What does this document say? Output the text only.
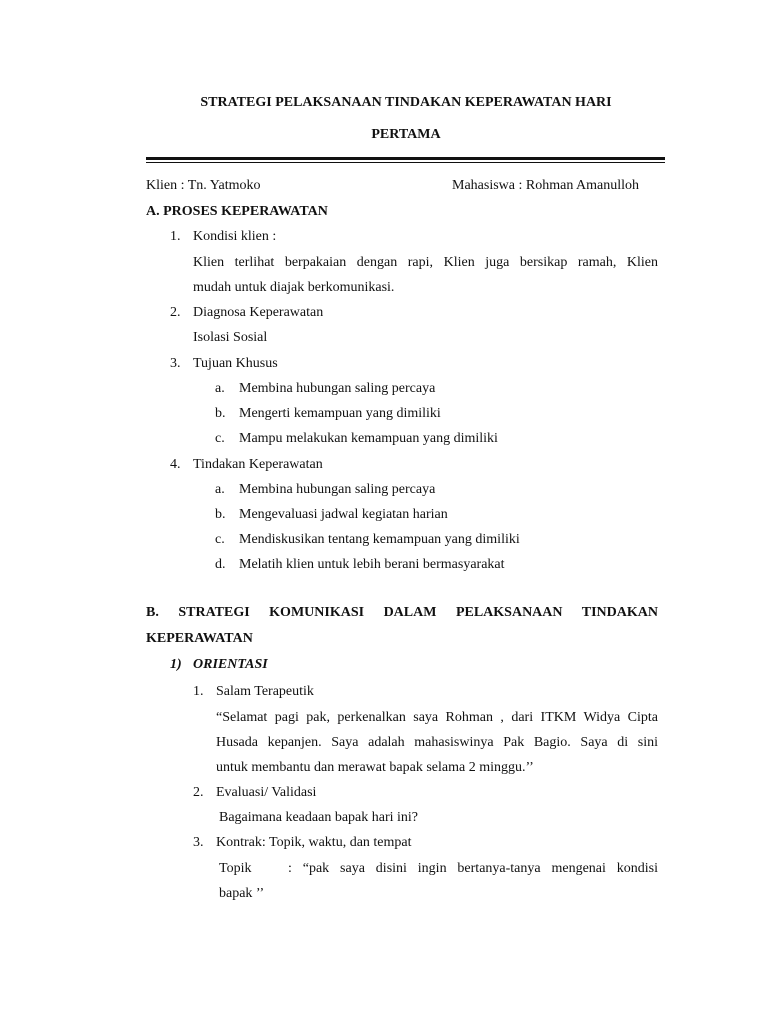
STRATEGI PELAKSANAAN TINDAKAN KEPERAWATAN HARI
PERTAMA
Klien : Tn. Yatmoko	Mahasiswa : Rohman Amanulloh
A. PROSES KEPERAWATAN
1. Kondisi klien :
Klien terlihat berpakaian dengan rapi, Klien juga bersikap ramah, Klien
mudah untuk diajak berkomunikasi.
2. Diagnosa Keperawatan
Isolasi Sosial
3. Tujuan Khusus
a. Membina hubungan saling percaya
b. Mengerti kemampuan yang dimiliki
c. Mampu melakukan kemampuan yang dimiliki
4. Tindakan Keperawatan
a. Membina hubungan saling percaya
b. Mengevaluasi jadwal kegiatan harian
c. Mendiskusikan tentang kemampuan yang dimiliki
d. Melatih klien untuk lebih berani bermasyarakat
B. STRATEGI KOMUNIKASI DALAM PELAKSANAAN TINDAKAN
KEPERAWATAN
1) ORIENTASI
1. Salam Terapeutik
“Selamat pagi pak, perkenalkan saya Rohman , dari ITKM Widya Cipta
Husada kepanjen. Saya adalah mahasiswinya Pak Bagio. Saya di sini
untuk membantu dan merawat bapak selama 2 minggu.’’
2. Evaluasi/ Validasi
Bagaimana keadaan bapak hari ini?
3. Kontrak: Topik, waktu, dan tempat
Topik	: “pak saya disini ingin bertanya-tanya mengenai kondisi
bapak ’’
